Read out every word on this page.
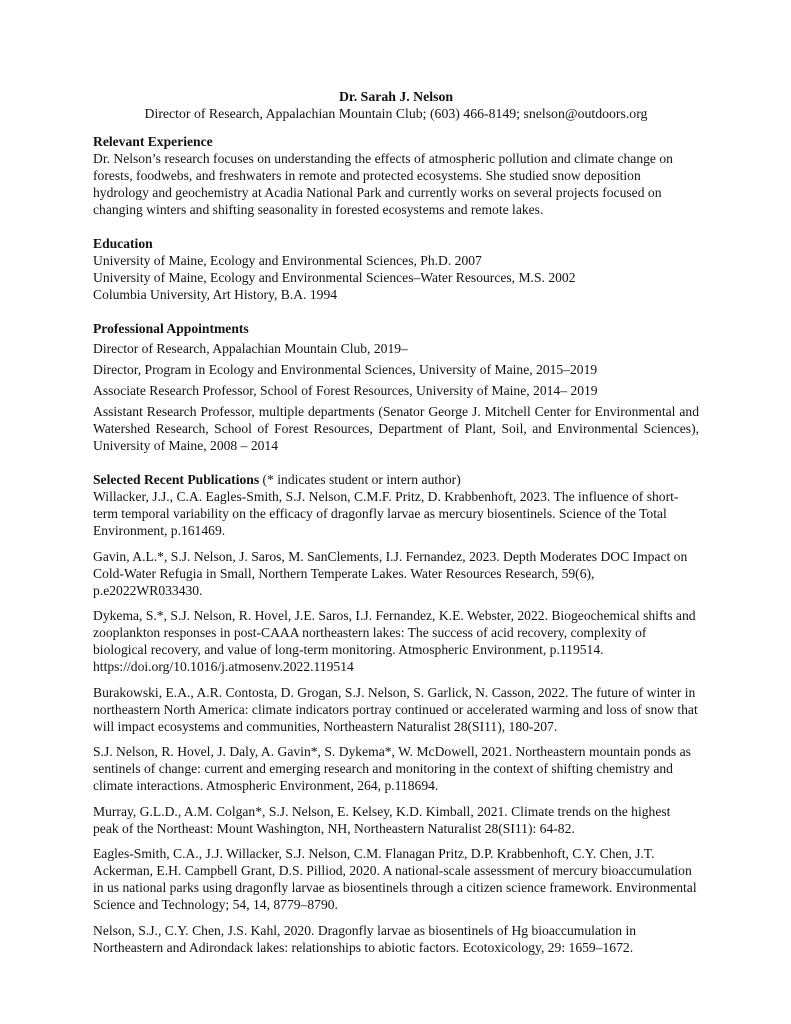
Dr. Sarah J. Nelson
Director of Research, Appalachian Mountain Club; (603) 466-8149; snelson@outdoors.org
Relevant Experience

Dr. Nelson’s research focuses on understanding the effects of atmospheric pollution and climate change on forests, foodwebs, and freshwaters in remote and protected ecosystems. She studied snow deposition hydrology and geochemistry at Acadia National Park and currently works on several projects focused on changing winters and shifting seasonality in forested ecosystems and remote lakes.

Education

University of Maine, Ecology and Environmental Sciences, Ph.D. 2007

University of Maine, Ecology and Environmental Sciences–Water Resources, M.S. 2002

Columbia University, Art History, B.A. 1994

Professional Appointments

Director of Research, Appalachian Mountain Club, 2019–

Director, Program in Ecology and Environmental Sciences, University of Maine, 2015–2019

Associate Research Professor, School of Forest Resources, University of Maine, 2014– 2019

Assistant Research Professor, multiple departments (Senator George J. Mitchell Center for Environmental and Watershed Research, School of Forest Resources, Department of Plant, Soil, and Environmental Sciences), University of Maine, 2008 – 2014

Selected Recent Publications (* indicates student or intern author)

Willacker, J.J., C.A. Eagles-Smith, S.J. Nelson, C.M.F. Pritz, D. Krabbenhoft, 2023. The influence of short-term temporal variability on the efficacy of dragonfly larvae as mercury biosentinels. Science of the Total Environment, p.161469.

Gavin, A.L.*, S.J. Nelson, J. Saros, M. SanClements, I.J. Fernandez, 2023. Depth Moderates DOC Impact on Cold-Water Refugia in Small, Northern Temperate Lakes. Water Resources Research, 59(6), p.e2022WR033430.

Dykema, S.*, S.J. Nelson, R. Hovel, J.E. Saros, I.J. Fernandez, K.E. Webster, 2022. Biogeochemical shifts and zooplankton responses in post-CAAA northeastern lakes: The success of acid recovery, complexity of biological recovery, and value of long-term monitoring. Atmospheric Environment, p.119514. https://doi.org/10.1016/j.atmosenv.2022.119514

Burakowski, E.A., A.R. Contosta, D. Grogan, S.J. Nelson, S. Garlick, N. Casson, 2022. The future of winter in northeastern North America: climate indicators portray continued or accelerated warming and loss of snow that will impact ecosystems and communities, Northeastern Naturalist 28(SI11), 180-207.

S.J. Nelson, R. Hovel, J. Daly, A. Gavin*, S. Dykema*, W. McDowell, 2021. Northeastern mountain ponds as sentinels of change: current and emerging research and monitoring in the context of shifting chemistry and climate interactions. Atmospheric Environment, 264, p.118694.

Murray, G.L.D., A.M. Colgan*, S.J. Nelson, E. Kelsey, K.D. Kimball, 2021. Climate trends on the highest peak of the Northeast: Mount Washington, NH, Northeastern Naturalist 28(SI11): 64-82.

Eagles-Smith, C.A., J.J. Willacker, S.J. Nelson, C.M. Flanagan Pritz, D.P. Krabbenhoft, C.Y. Chen, J.T. Ackerman, E.H. Campbell Grant, D.S. Pilliod, 2020. A national-scale assessment of mercury bioaccumulation in us national parks using dragonfly larvae as biosentinels through a citizen science framework. Environmental Science and Technology; 54, 14, 8779–8790.

Nelson, S.J., C.Y. Chen, J.S. Kahl, 2020. Dragonfly larvae as biosentinels of Hg bioaccumulation in Northeastern and Adirondack lakes: relationships to abiotic factors. Ecotoxicology, 29: 1659–1672.
